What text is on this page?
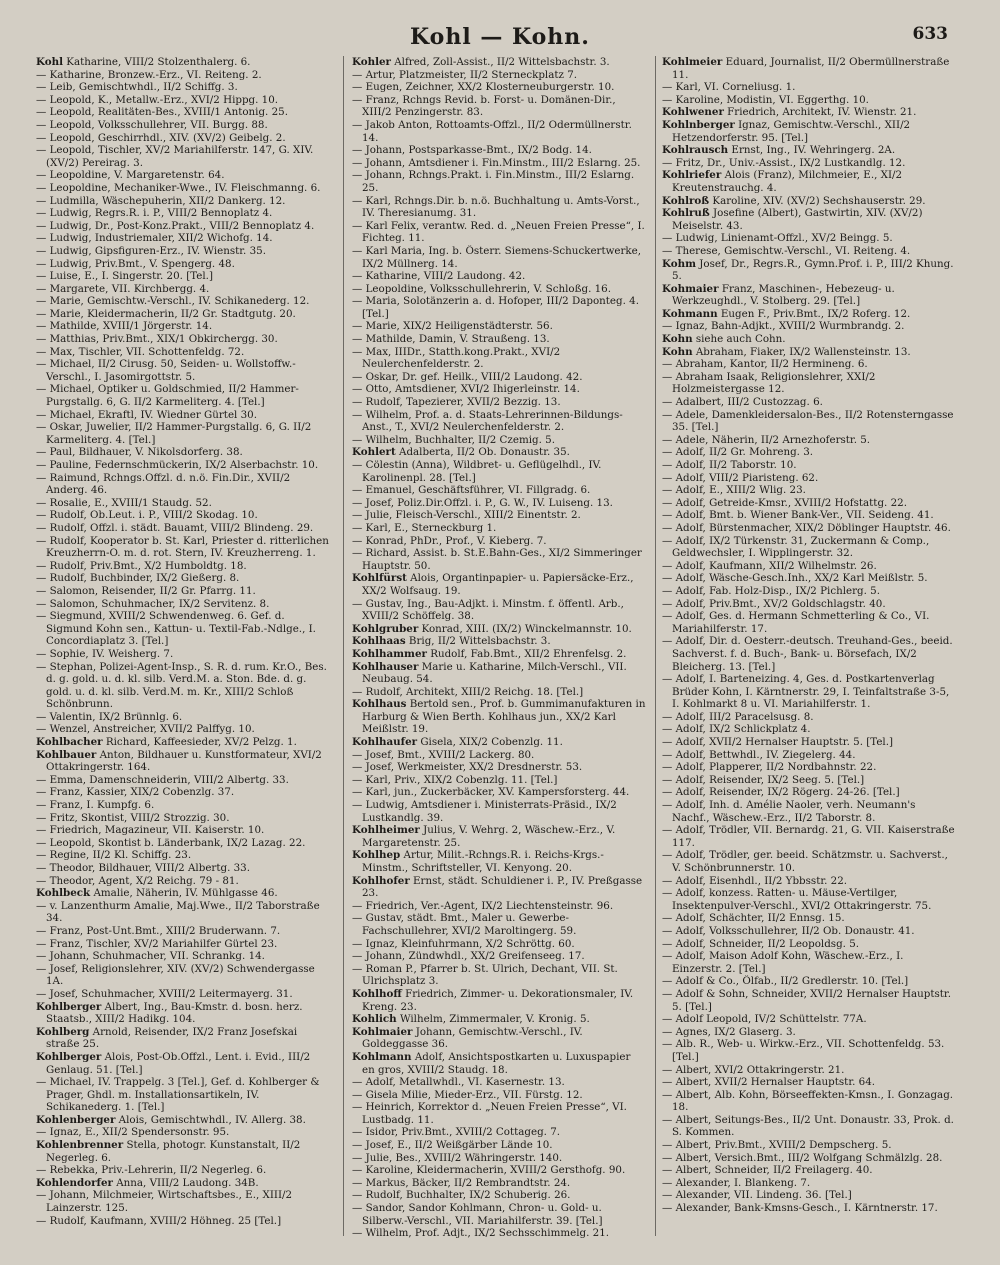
Kohl — Kohn.	633
Kohl Katharine, VIII/2 Stolzenthalerg. 6.
— Katharine, Bronzew.-Erz., VI. Reiteng. 2.
— Leib, Gemischtwhdl., II/2 Schiffg. 3.
— Leopold, K., Metallw.-Erz., XVI/2 Hippg. 10.
— Leopold, Realitäten-Bes., XVIII/1 Antonig. 25.
— Leopold, Volksschullehrer, VII. Burgg. 88.
— Leopold, Geschirrhdl., XIV. (XV/2) Geibelg. 2.
— Leopold, Tischler, XV/2 Mariahilferstr. 147, G. XIV. (XV/2) Pereirag. 3.
— Leopoldine, V. Margaretenstr. 64.
— Leopoldine, Mechaniker-Wwe., IV. Fleischmanng. 6.
— Ludmilla, Wäschepuherin, XII/2 Dankerg. 12.
— Ludwig, Regrs.R. i. P., VIII/2 Bennoplatz 4.
— Ludwig, Dr., Post-Konz.Prakt., VIII/2 Bennoplatz 4.
— Ludwig, Industriemaler, XII/2 Wichofg. 14.
— Ludwig, Gipsfiguren-Erz., IV. Wienstr. 35.
— Ludwig, Priv.Bmt., V. Spengerg. 48.
— Luise, E., I. Singerstr. 20. [Tel.]
— Margarete, VII. Kirchbergg. 4.
— Marie, Gemischtw.-Verschl., IV. Schikanederg. 12.
— Marie, Kleidermacherin, II/2 Gr. Stadtgutg. 20.
— Mathilde, XVIII/1 Jörgerstr. 14.
— Matthias, Priv.Bmt., XIX/1 Obkirchergg. 30.
— Max, Tischler, VII. Schottenfeldg. 72.
— Michael, II/2 Cirusg. 50, Seiden- u. Wollstoffw.-Verschl., I. Jasomirgottstr. 5.
— Michael, Optiker u. Goldschmied, II/2 Hammer-Purgstallg. 6, G. II/2 Karmeliterg. 4. [Tel.]
— Michael, Ekraftl, IV. Wiedner Gürtel 30.
— Oskar, Juwelier, II/2 Hammer-Purgstallg. 6, G. II/2 Karmeliterg. 4. [Tel.]
— Paul, Bildhauer, V. Nikolsdorferg. 38.
— Pauline, Federnschmückerin, IX/2 Alserbachstr. 10.
— Raimund, Rchngs.Offzl. d. n.ö. Fin.Dir., XVII/2 Anderg. 46.
— Rosalie, E., XVIII/1 Staudg. 52.
— Rudolf, Ob.Leut. i. P., VIII/2 Skodag. 10.
— Rudolf, Offzl. i. städt. Bauamt, VIII/2 Blindeng. 29.
— Rudolf, Kooperator b. St. Karl, Priester d. ritterlichen Kreuzherrn-O. m. d. rot. Stern, IV. Kreuzherreng. 1.
— Rudolf, Priv.Bmt., X/2 Humboldtg. 18.
— Rudolf, Buchbinder, IX/2 Gießerg. 8.
— Salomon, Reisender, II/2 Gr. Pfarrg. 11.
— Salomon, Schuhmacher, IX/2 Servitenz. 8.
— Siegmund, XVIII/2 Schwendenweg. 6. Gef. d. Sigmund Kohn sen., Kattun- u. Textil-Fab.-Ndlge., I. Concordiaplatz 3. [Tel.]
— Sophie, IV. Weisherg. 7.
— Stephan, Polizei-Agent-Insp., S. R. d. rum. Kr.O., Bes. d. g. gold. u. d. kl. silb. Verd.M. a. Ston. Bde. d. g. gold. u. d. kl. silb. Verd.M. m. Kr., XIII/2 Schloß Schönbrunn.
— Valentin, IX/2 Brünnlg. 6.
— Wenzel, Anstreicher, XVII/2 Palffyg. 10.
Kohlbacher Richard, Kaffeesieder, XV/2 Pelzg. 1.
Kohlbauer Anton, Bildhauer u. Kunstformateur, XVI/2 Ottakringerstr. 164.
— Emma, Damenschneiderin, VIII/2 Albertg. 33.
— Franz, Kassier, XIX/2 Cobenzlg. 37.
— Franz, I. Kumpfg. 6.
— Fritz, Skontist, VIII/2 Strozzig. 30.
— Friedrich, Magazineur, VII. Kaiserstr. 10.
— Leopold, Skontist b. Länderbank, IX/2 Lazag. 22.
— Regine, II/2 Kl. Schiffg. 23.
— Theodor, Bildhauer, VIII/2 Albertg. 33.
— Theodor, Agent, X/2 Reichg. 79 - 81.
Kohlbeck Amalie, Näherin, IV. Mühlgasse 46.
— v. Lanzenthurm Amalie, Maj.Wwe., II/2 Taborstraße 34.
— Franz, Post-Unt.Bmt., XIII/2 Bruderwann. 7.
— Franz, Tischler, XV/2 Mariahilfer Gürtel 23.
— Johann, Schuhmacher, VII. Schrankg. 14.
— Josef, Religionslehrer, XIV. (XV/2) Schwendergasse 1A.
— Josef, Schuhmacher, XVIII/2 Leitermayerg. 31.
Kohlberger Albert, Ing., Bau-Kmstr. d. bosn. herz. Staatsb., XIII/2 Hadikg. 104.
Kohlberg Arnold, Reisender, IX/2 Franz Josefskai straße 25.
Kohlberger Alois, Post-Ob.Offzl., Lent. i. Evid., III/2 Genlaug. 51. [Tel.]
— Michael, IV. Trappelg. 3 [Tel.], Gef. d. Kohlberger & Prager, Ghdl. m. Installationsartikeln, IV. Schikanederg. 1. [Tel.]
Kohlenberger Alois, Gemischtwhdl., IV. Allerg. 38.
— Ignaz, E., XII/2 Spendersonstr. 95.
Kohlenbrenner Stella, photogr. Kunstanstalt, II/2 Negerleg. 6.
— Rebekka, Priv.-Lehrerin, II/2 Negerleg. 6.
Kohlendorfer Anna, VIII/2 Laudong. 34B.
— Johann, Milchmeier, Wirtschaftsbes., E., XIII/2 Lainzerstr. 125.
— Rudolf, Kaufmann, XVIII/2 Höhneg. 25 [Tel.]
Kohler Alfred, Zoll-Assist., II/2 Wittelsbachstr. 3.
— Artur, Platzmeister, II/2 Sterneckplatz 7.
— Eugen, Zeichner, XX/2 Klosterneuburgerstr. 10.
— Franz, Rchngs Revid. b. Forst- u. Domänen-Dir., XIII/2 Penzingerstr. 83.
— Jakob Anton, Rottoamts-Offzl., II/2 Odermüllnerstr. 14.
— Johann, Postsparkasse-Bmt., IX/2 Bodg. 14.
— Johann, Amtsdiener i. Fin.Minstm., III/2 Eslarng. 25.
— Johann, Rchngs.Prakt. i. Fin.Minstm., III/2 Eslarng. 25.
— Karl, Rchngs.Dir. b. n.ö. Buchhaltung u. Amts-Vorst., IV. Theresianumg. 31.
— Karl Felix, verantw. Red. d. „Neuen Freien Presse“, I. Fichteg. 11.
— Karl Maria, Ing. b. Österr. Siemens-Schuckertwerke, IX/2 Müllnerg. 14.
— Katharine, VIII/2 Laudong. 42.
— Leopoldine, Volksschullehrerin, V. Schloßg. 16.
— Maria, Solotänzerin a. d. Hofoper, III/2 Daponteg. 4. [Tel.]
— Marie, XIX/2 Heiligenstädterstr. 56.
— Mathilde, Damin, V. Straußeng. 13.
— Max, IIIDr., Statth.kong.Prakt., XVI/2 Neulerchenfelderstr. 2.
— Oskar, Dr. gef. Heilk., VIII/2 Laudong. 42.
— Otto, Amtsdiener, XVI/2 Ihigerleinstr. 14.
— Rudolf, Tapezierer, XVII/2 Bezzig. 13.
— Wilhelm, Prof. a. d. Staats-Lehrerinnen-Bildungs-Anst., T., XVI/2 Neulerchenfelderstr. 2.
— Wilhelm, Buchhalter, II/2 Czemig. 5.
Kohlert Adalberta, II/2 Ob. Donaustr. 35.
— Cölestin (Anna), Wildbret- u. Geflügelhdl., IV. Karolinenpl. 28. [Tel.]
— Emanuel, Geschäftsführer, VI. Fillgradg. 6.
— Josef, Poliz.Dir.Offzl. i. P., G. W., IV. Luiseng. 13.
— Julie, Fleisch-Verschl., XIII/2 Einentstr. 2.
— Karl, E., Sterneckburg 1.
— Konrad, PhDr., Prof., V. Kieberg. 7.
— Richard, Assist. b. St.E.Bahn-Ges., XI/2 Simmeringer Hauptstr. 50.
Kohlfürst Alois, Organtinpapier- u. Papiersäcke-Erz., XX/2 Wolfsaug. 19.
— Gustav, Ing., Bau-Adjkt. i. Minstm. f. öffentl. Arb., XVIII/2 Schöffelg. 38.
Kohlgruber Konrad, XIII. (IX/2) Winckelmannstr. 10.
Kohlhaas Brig, II/2 Wittelsbachstr. 3.
Kohlhammer Rudolf, Fab.Bmt., XII/2 Ehrenfelsg. 2.
Kohlhauser Marie u. Katharine, Milch-Verschl., VII. Neubaug. 54.
— Rudolf, Architekt, XIII/2 Reichg. 18. [Tel.]
Kohlhaus Bertold sen., Prof. b. Gummimanufakturen in Harburg & Wien Berth. Kohlhaus jun., XX/2 Karl Meißlstr. 19.
Kohlhaufer Gisela, XIX/2 Cobenzlg. 11.
— Josef, Bmt., XVIII/2 Lackerg. 80.
— Josef, Werkmeister, XX/2 Dresdnerstr. 53.
— Karl, Priv., XIX/2 Cobenzlg. 11. [Tel.]
— Karl, jun., Zuckerbäcker, XV. Kampersforsterg. 44.
— Ludwig, Amtsdiener i. Ministerrats-Präsid., IX/2 Lustkandlg. 39.
Kohlheimer Julius, V. Wehrg. 2, Wäschew.-Erz., V. Margaretenstr. 25.
Kohlhep Artur, Milit.-Rchngs.R. i. Reichs-Krgs.-Minstm., Schriftsteller, VI. Kenyong. 20.
Kohlhofer Ernst, städt. Schuldiener i. P., IV. Preßgasse 23.
— Friedrich, Ver.-Agent, IX/2 Liechtensteinstr. 96.
— Gustav, städt. Bmt., Maler u. Gewerbe-Fachschullehrer, XVI/2 Maroltingerg. 59.
— Ignaz, Kleinfuhrmann, X/2 Schröttg. 60.
— Johann, Zündwhdl., XX/2 Greifenseeg. 17.
— Roman P., Pfarrer b. St. Ulrich, Dechant, VII. St. Ulrichsplatz 3.
Kohlhoff Friedrich, Zimmer- u. Dekorationsmaler, IV. Kreng. 23.
Kohlich Wilhelm, Zimmermaler, V. Kronig. 5.
Kohlmaier Johann, Gemischtw.-Verschl., IV. Goldeggasse 36.
Kohlmann Adolf, Ansichtspostkarten u. Luxuspapier en gros, XVIII/2 Staudg. 18.
— Adolf, Metallwhdl., VI. Kasernestr. 13.
— Gisela Milie, Mieder-Erz., VII. Fürstg. 12.
— Heinrich, Korrektor d. „Neuen Freien Presse“, VI. Lustbadg. 11.
— Isidor, Priv.Bmt., XVIII/2 Cottageg. 7.
— Josef, E., II/2 Weißgärber Lände 10.
— Julie, Bes., XVIII/2 Währingerstr. 140.
— Karoline, Kleidermacherin, XVIII/2 Gersthofg. 90.
— Markus, Bäcker, II/2 Rembrandtstr. 24.
— Rudolf, Buchhalter, IX/2 Schuberig. 26.
— Sandor, Sandor Kohlmann, Chron- u. Gold- u. Silberw.-Verschl., VII. Mariahilferstr. 39. [Tel.]
— Wilhelm, Prof. Adjt., IX/2 Sechsschimmelg. 21.
Kohlmeier Eduard, Journalist, II/2 Obermüllnerstraße 11.
— Karl, VI. Corneliusg. 1.
— Karoline, Modistin, VI. Eggerthg. 10.
Kohlwener Friedrich, Architekt, IV. Wienstr. 21.
Kohlnberger Ignaz, Gemischtw.-Verschl., XII/2 Hetzendorferstr. 95. [Tel.]
Kohlrausch Ernst, Ing., IV. Wehringerg. 2A.
— Fritz, Dr., Univ.-Assist., IX/2 Lustkandlg. 12.
Kohlriefer Alois (Franz), Milchmeier, E., XI/2 Kreutenstrauchg. 4.
Kohlroß Karoline, XIV. (XV/2) Sechshauserstr. 29.
Kohlruß Josefine (Albert), Gastwirtin, XIV. (XV/2) Meiselstr. 43.
— Ludwig, Linienamt-Offzl., XV/2 Beingg. 5.
— Therese, Gemischtw.-Verschl., VI. Reiteng. 4.
Kohm Josef, Dr., Regrs.R., Gymn.Prof. i. P., III/2 Khung. 5.
Kohmaier Franz, Maschinen-, Hebezeug- u. Werkzeughdl., V. Stolberg. 29. [Tel.]
Kohmann Eugen F., Priv.Bmt., IX/2 Roferg. 12.
— Ignaz, Bahn-Adjkt., XVIII/2 Wurmbrandg. 2.
Kohn siehe auch Cohn.
Kohn Abraham, Fiaker, IX/2 Wallensteinstr. 13.
— Abraham, Kantor, II/2 Hermineng. 6.
— Abraham Isaak, Religionslehrer, XXI/2 Holzmeistergasse 12.
— Adalbert, III/2 Custozzag. 6.
— Adele, Damenkleidersalon-Bes., II/2 Rotensterngasse 35. [Tel.]
— Adele, Näherin, II/2 Arnezhoferstr. 5.
— Adolf, II/2 Gr. Mohreng. 3.
— Adolf, II/2 Taborstr. 10.
— Adolf, VIII/2 Piaristeng. 62.
— Adolf, E., XIII/2 Wlig. 23.
— Adolf, Getreide-Kmsr., XVIII/2 Hofstattg. 22.
— Adolf, Bmt. b. Wiener Bank-Ver., VII. Seideng. 41.
— Adolf, Bürstenmacher, XIX/2 Döblinger Hauptstr. 46.
— Adolf, IX/2 Türkenstr. 31, Zuckermann & Comp., Geldwechsler, I. Wipplingerstr. 32.
— Adolf, Kaufmann, XII/2 Wilhelmstr. 26.
— Adolf, Wäsche-Gesch.Inh., XX/2 Karl Meißlstr. 5.
— Adolf, Fab. Holz-Disp., IX/2 Pichlerg. 5.
— Adolf, Priv.Bmt., XV/2 Goldschlagstr. 40.
— Adolf, Ges. d. Hermann Schmetterling & Co., VI. Mariahilferstr. 17.
— Adolf, Dir. d. Oesterr.-deutsch. Treuhand-Ges., beeid. Sachverst. f. d. Buch-, Bank- u. Börsefach, IX/2 Bleicherg. 13. [Tel.]
— Adolf, I. Barteneizing. 4, Ges. d. Postkartenverlag Brüder Kohn, I. Kärntnerstr. 29, I. Teinfaltstraße 3-5, I. Kohlmarkt 8 u. VI. Mariahilferstr. 1.
— Adolf, III/2 Paracelsusg. 8.
— Adolf, IX/2 Schlickplatz 4.
— Adolf, XVII/2 Hernalser Hauptstr. 5. [Tel.]
— Adolf, Bettwhdl., IV. Ziegelerg. 44.
— Adolf, Plapperer, II/2 Nordbahnstr. 22.
— Adolf, Reisender, IX/2 Seeg. 5. [Tel.]
— Adolf, Reisender, IX/2 Rögerg. 24-26. [Tel.]
— Adolf, Inh. d. Amélie Naoler, verh. Neumann's Nachf., Wäschew.-Erz., II/2 Taborstr. 8.
— Adolf, Trödler, VII. Bernardg. 21, G. VII. Kaiserstraße 117.
— Adolf, Trödler, ger. beeid. Schätzmstr. u. Sachverst., V. Schönbrunnerstr. 10.
— Adolf, Eisenhdl., II/2 Ybbsstr. 22.
— Adolf, konzess. Ratten- u. Mäuse-Vertilger, Insektenpulver-Verschl., XVI/2 Ottakringerstr. 75.
— Adolf, Schächter, II/2 Ennsg. 15.
— Adolf, Volksschullehrer, II/2 Ob. Donaustr. 41.
— Adolf, Schneider, II/2 Leopoldsg. 5.
— Adolf, Maison Adolf Kohn, Wäschew.-Erz., I. Einzerstr. 2. [Tel.]
— Adolf & Co., Ölfab., II/2 Gredlerstr. 10. [Tel.]
— Adolf & Sohn, Schneider, XVII/2 Hernalser Hauptstr. 5. [Tel.]
— Adolf Leopold, IV/2 Schüttelstr. 77A.
— Agnes, IX/2 Glaserg. 3.
— Alb. R., Web- u. Wirkw.-Erz., VII. Schottenfeldg. 53. [Tel.]
— Albert, XVI/2 Ottakringerstr. 21.
— Albert, XVII/2 Hernalser Hauptstr. 64.
— Albert, Alb. Kohn, Börseeffekten-Kmsn., I. Gonzagag. 18.
— Albert, Seitungs-Bes., II/2 Unt. Donaustr. 33, Prok. d. S. Kommen.
— Albert, Priv.Bmt., XVIII/2 Dempscherg. 5.
— Albert, Versich.Bmt., III/2 Wolfgang Schmälzlg. 28.
— Albert, Schneider, II/2 Freilagerg. 40.
— Alexander, I. Blankeng. 7.
— Alexander, VII. Lindeng. 36. [Tel.]
— Alexander, Bank-Kmsns-Gesch., I. Kärntnerstr. 17.
